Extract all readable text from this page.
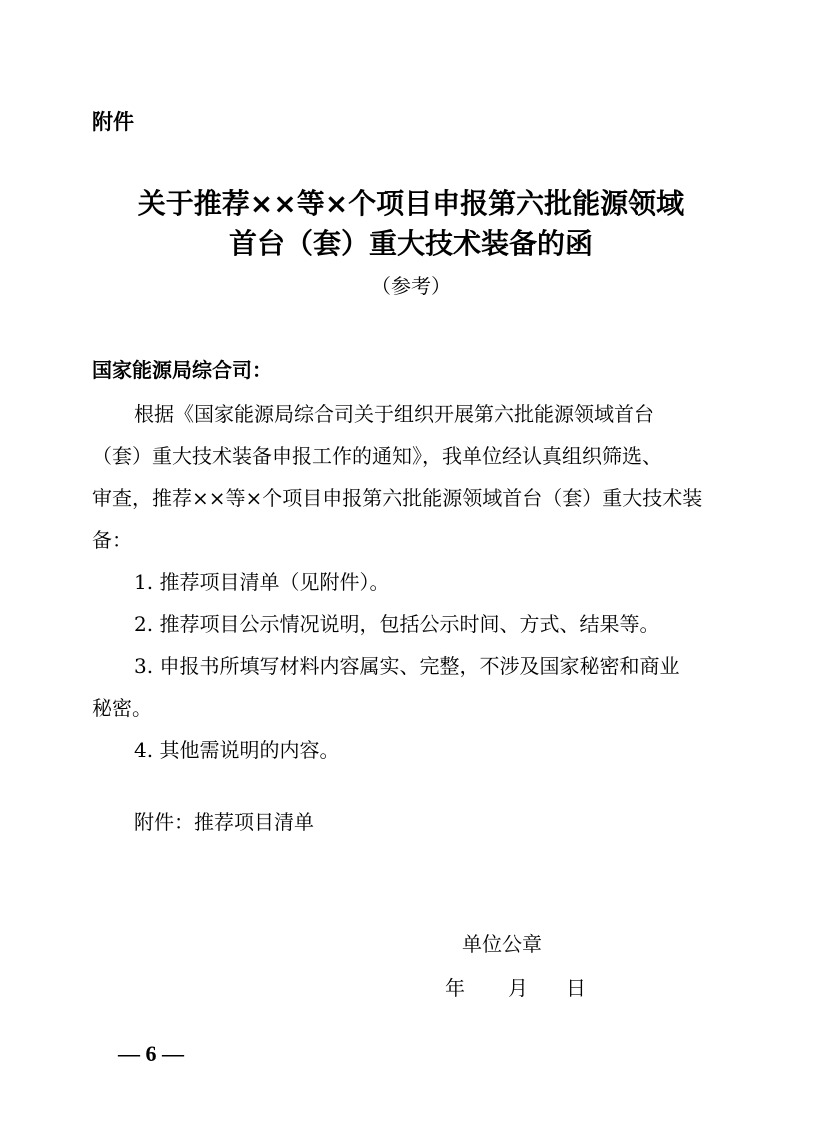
附件
关于推荐××等×个项目申报第六批能源领域
首台（套）重大技术装备的函
（参考）
国家能源局综合司：
根据《国家能源局综合司关于组织开展第六批能源领域首台
（套）重大技术装备申报工作的通知》，我单位经认真组织筛选、
审查，推荐××等×个项目申报第六批能源领域首台（套）重大技术装
备：
1. 推荐项目清单（见附件）。
2. 推荐项目公示情况说明，包括公示时间、方式、结果等。
3. 申报书所填写材料内容属实、完整，不涉及国家秘密和商业
秘密。
4. 其他需说明的内容。
附件：推荐项目清单
单位公章
年 月 日
— 6 —
